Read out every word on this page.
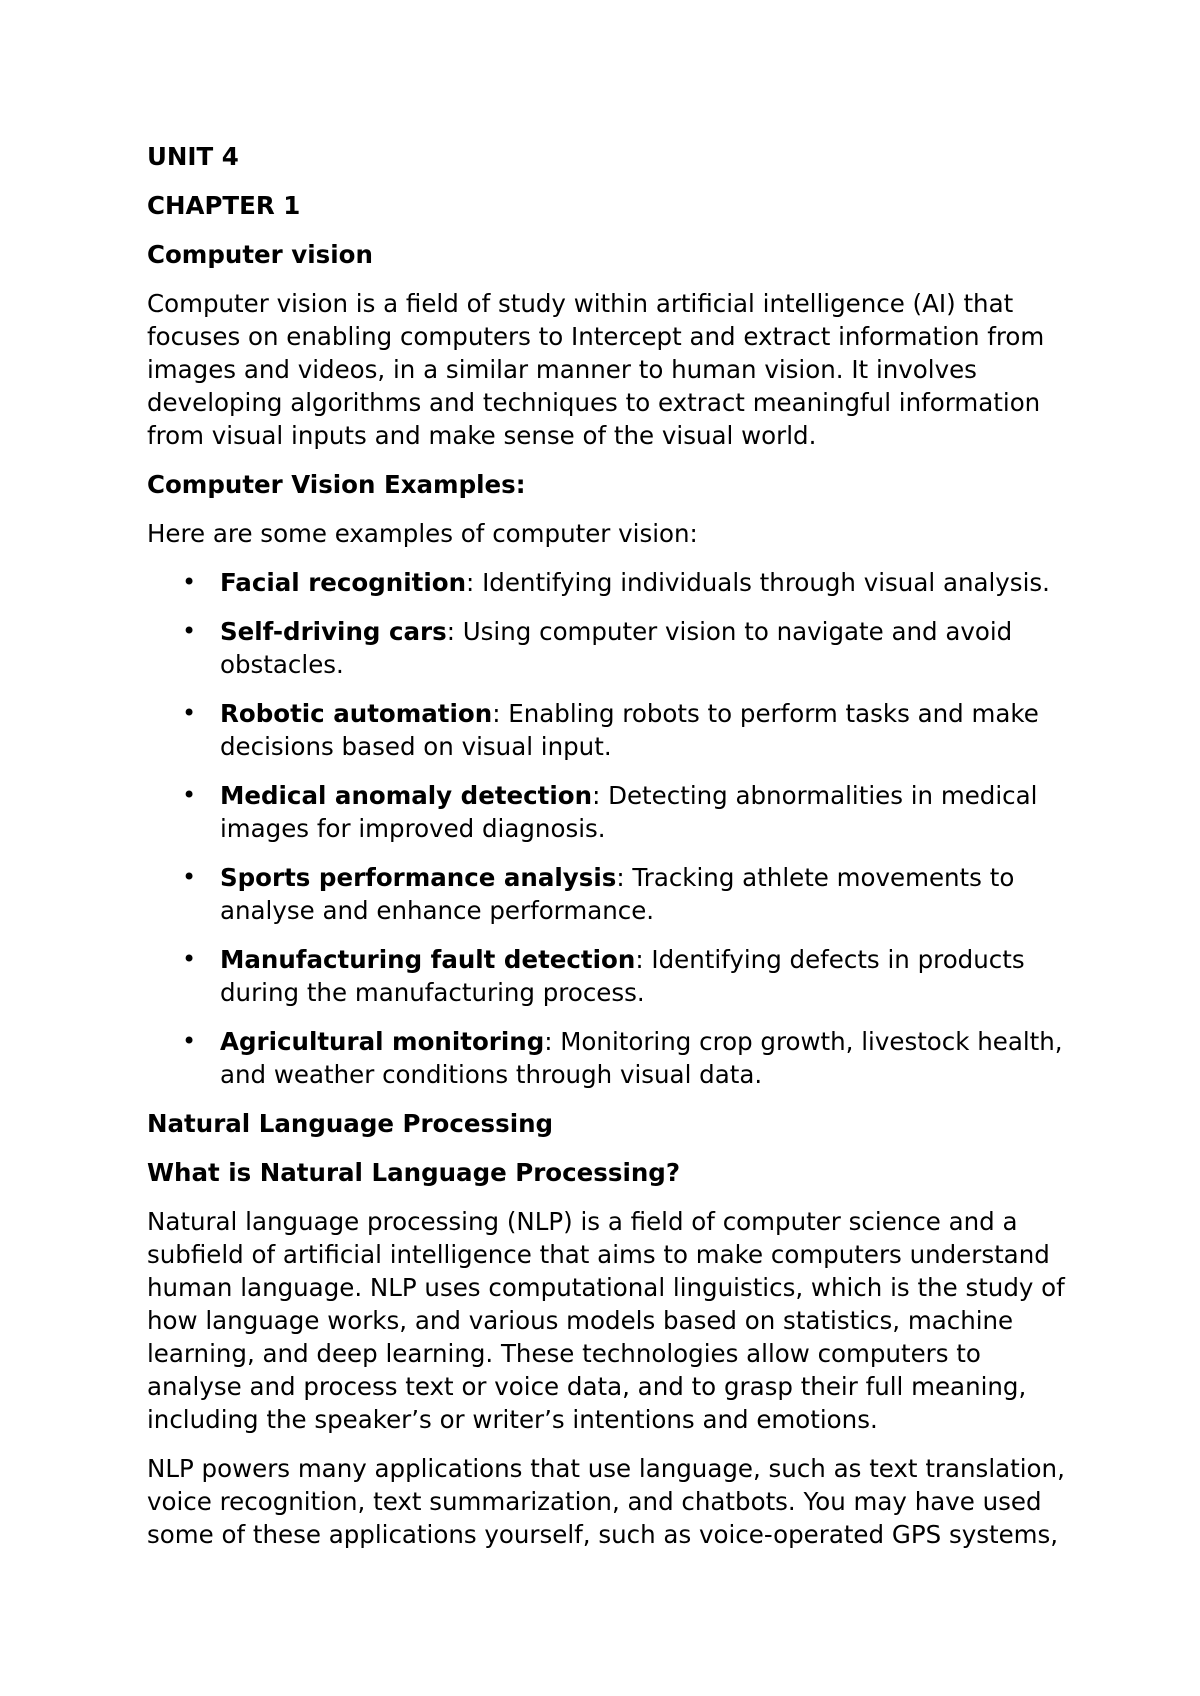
UNIT 4
CHAPTER 1
Computer vision

Computer vision is a field of study within artificial intelligence (AI) that focuses on enabling computers to Intercept and extract information from images and videos, in a similar manner to human vision. It involves developing algorithms and techniques to extract meaningful information from visual inputs and make sense of the visual world.

Computer Vision Examples:

Here are some examples of computer vision:

• Facial recognition: Identifying individuals through visual analysis.
• Self-driving cars: Using computer vision to navigate and avoid obstacles.
• Robotic automation: Enabling robots to perform tasks and make decisions based on visual input.
• Medical anomaly detection: Detecting abnormalities in medical images for improved diagnosis.
• Sports performance analysis: Tracking athlete movements to analyse and enhance performance.
• Manufacturing fault detection: Identifying defects in products during the manufacturing process.
• Agricultural monitoring: Monitoring crop growth, livestock health, and weather conditions through visual data.
Natural Language Processing
What is Natural Language Processing?

Natural language processing (NLP) is a field of computer science and a subfield of artificial intelligence that aims to make computers understand human language. NLP uses computational linguistics, which is the study of how language works, and various models based on statistics, machine learning, and deep learning. These technologies allow computers to analyse and process text or voice data, and to grasp their full meaning, including the speaker’s or writer’s intentions and emotions.

NLP powers many applications that use language, such as text translation, voice recognition, text summarization, and chatbots. You may have used some of these applications yourself, such as voice-operated GPS systems,
